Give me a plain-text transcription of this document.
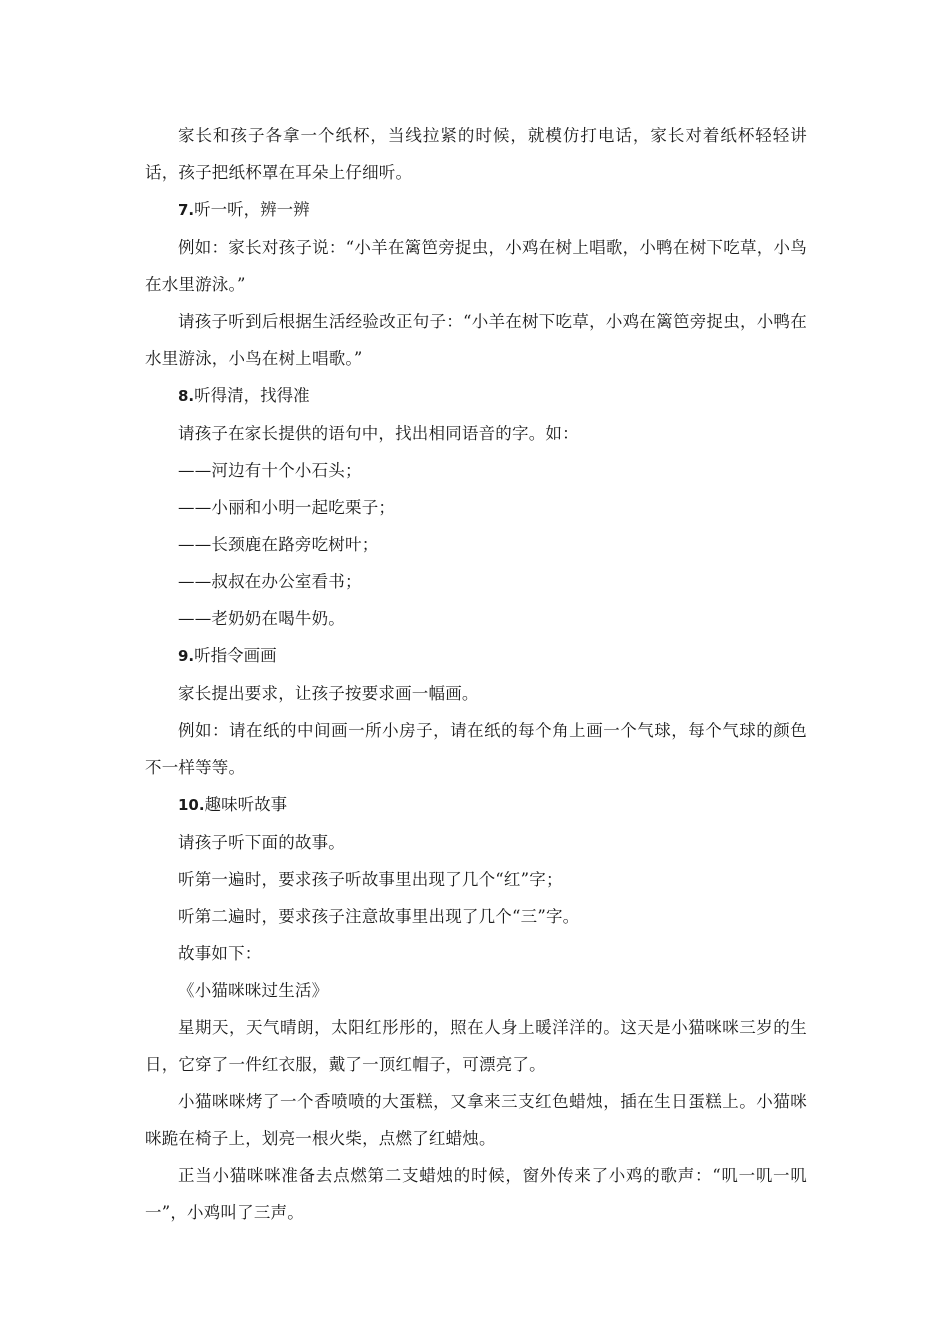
家长和孩子各拿一个纸杯，当线拉紧的时候，就模仿打电话，家长对着纸杯轻轻讲话，孩子把纸杯罩在耳朵上仔细听。

7.听一听，辨一辨

例如：家长对孩子说：“小羊在篱笆旁捉虫，小鸡在树上唱歌，小鸭在树下吃草，小鸟在水里游泳。”

请孩子听到后根据生活经验改正句子：“小羊在树下吃草，小鸡在篱笆旁捉虫，小鸭在水里游泳，小鸟在树上唱歌。”

8.听得清，找得准

请孩子在家长提供的语句中，找出相同语音的字。如：

——河边有十个小石头；

——小丽和小明一起吃栗子；

——长颈鹿在路旁吃树叶；

——叔叔在办公室看书；

——老奶奶在喝牛奶。

9.听指令画画

家长提出要求，让孩子按要求画一幅画。

例如：请在纸的中间画一所小房子，请在纸的每个角上画一个气球，每个气球的颜色不一样等等。

10.趣味听故事

请孩子听下面的故事。

听第一遍时，要求孩子听故事里出现了几个“红”字；

听第二遍时，要求孩子注意故事里出现了几个“三”字。

故事如下：

《小猫咪咪过生活》

星期天，天气晴朗，太阳红彤彤的，照在人身上暖洋洋的。这天是小猫咪咪三岁的生日，它穿了一件红衣服，戴了一顶红帽子，可漂亮了。

小猫咪咪烤了一个香喷喷的大蛋糕，又拿来三支红色蜡烛，插在生日蛋糕上。小猫咪咪跪在椅子上，划亮一根火柴，点燃了红蜡烛。

正当小猫咪咪准备去点燃第二支蜡烛的时候，窗外传来了小鸡的歌声：“叽一叽一叽一”，小鸡叫了三声。
